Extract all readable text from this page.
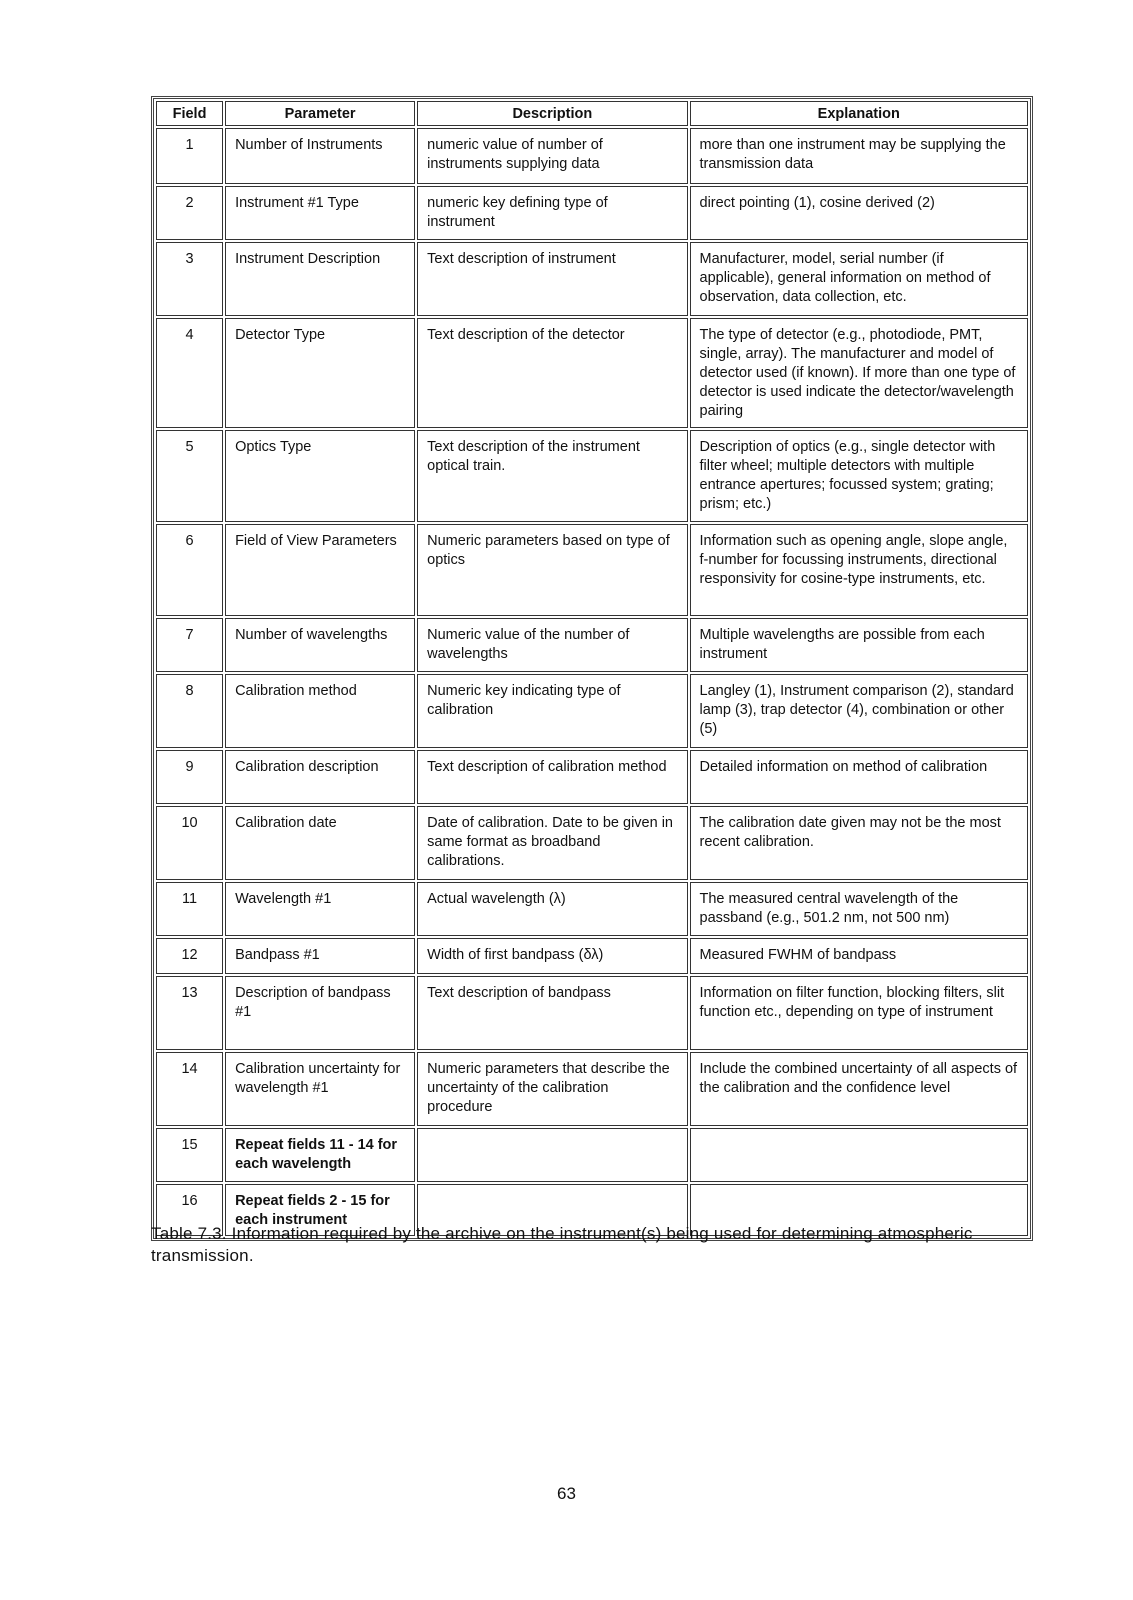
Field	Parameter	Description	Explanation
1	Number of Instruments	numeric value of number of instruments supplying data	more than one instrument may be supplying the transmission data
2	Instrument #1 Type	numeric key defining type of instrument	direct pointing (1), cosine derived (2)
3	Instrument Description	Text description of instrument	Manufacturer, model, serial number (if applicable), general information on method of observation, data collection, etc.
4	Detector Type	Text description of the detector	The type of detector (e.g., photodiode, PMT, single, array). The manufacturer and model of detector used (if known). If more than one type of detector is used indicate the detector/wavelength pairing
5	Optics Type	Text description of the instrument optical train.	Description of optics (e.g., single detector with filter wheel; multiple detectors with multiple entrance apertures; focussed system; grating; prism; etc.)
6	Field of View Parameters	Numeric parameters based on type of optics	Information such as opening angle, slope angle, f-number for focussing instruments, directional responsivity for cosine-type instruments, etc.
7	Number of wavelengths	Numeric value of the number of wavelengths	Multiple wavelengths are possible from each instrument
8	Calibration method	Numeric key indicating type of calibration	Langley (1), Instrument comparison (2), standard lamp (3), trap detector (4), combination or other (5)
9	Calibration description	Text description of calibration method	Detailed information on method of calibration
10	Calibration date	Date of calibration. Date to be given in same format as broadband calibrations.	The calibration date given may not be the most recent calibration.
11	Wavelength #1	Actual wavelength (λ)	The measured central wavelength of the passband (e.g., 501.2 nm, not 500 nm)
12	Bandpass #1	Width of first bandpass (δλ)	Measured FWHM of bandpass
13	Description of bandpass #1	Text description of bandpass	Information on filter function, blocking filters, slit function etc., depending on type of instrument
14	Calibration uncertainty for wavelength #1	Numeric parameters that describe the uncertainty of the calibration procedure	Include the combined uncertainty of all aspects of the calibration and the confidence level
15	Repeat fields 11 - 14 for each wavelength		
16	Repeat fields 2 - 15 for each instrument		
Table 7.3. Information required by the archive on the instrument(s) being used for determining atmospheric transmission.
63
